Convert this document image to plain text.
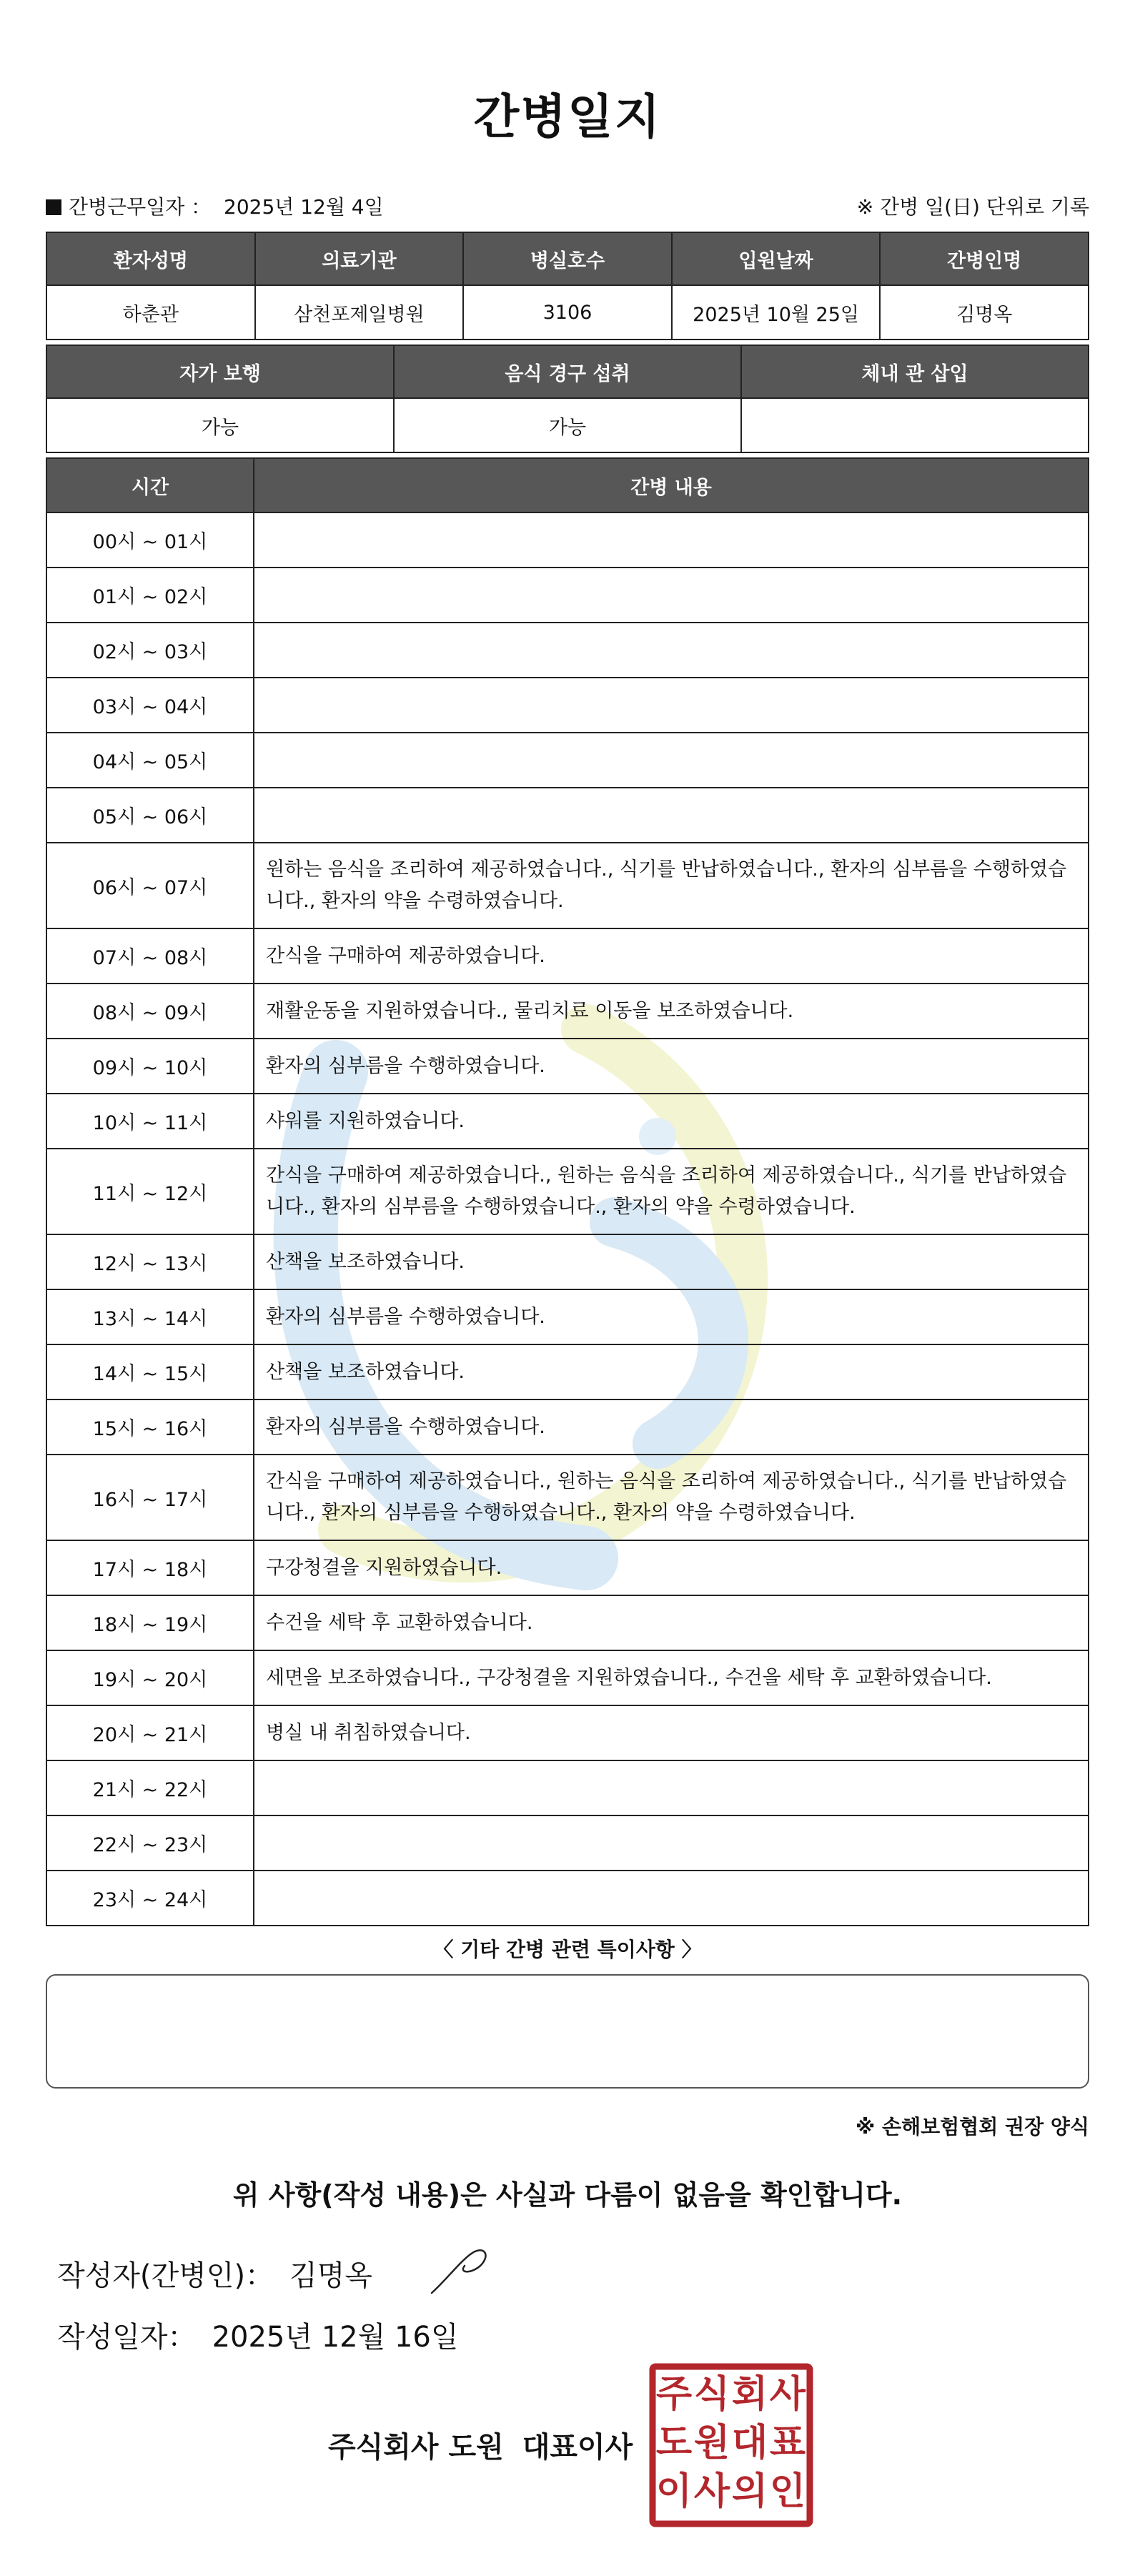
간병일지
간병근무일자 ： 2025년 12월 4일	※ 간병 일(日) 단위로 기록
환자성명	의료기관	병실호수	입원날짜	간병인명
하춘관	삼천포제일병원	3106	2025년 10월 25일	김명옥
자가 보행	음식 경구 섭취	체내 관 삽입
가능	가능	
시간	간병 내용
00시 ~ 01시	
01시 ~ 02시	
02시 ~ 03시	
03시 ~ 04시	
04시 ~ 05시	
05시 ~ 06시	
06시 ~ 07시	원하는 음식을 조리하여 제공하였습니다., 식기를 반납하였습니다., 환자의 심부름을 수행하였습니다., 환자의 약을 수령하였습니다.
07시 ~ 08시	간식을 구매하여 제공하였습니다.
08시 ~ 09시	재활운동을 지원하였습니다., 물리치료 이동을 보조하였습니다.
09시 ~ 10시	환자의 심부름을 수행하였습니다.
10시 ~ 11시	샤워를 지원하였습니다.
11시 ~ 12시	간식을 구매하여 제공하였습니다., 원하는 음식을 조리하여 제공하였습니다., 식기를 반납하였습니다., 환자의 심부름을 수행하였습니다., 환자의 약을 수령하였습니다.
12시 ~ 13시	산책을 보조하였습니다.
13시 ~ 14시	환자의 심부름을 수행하였습니다.
14시 ~ 15시	산책을 보조하였습니다.
15시 ~ 16시	환자의 심부름을 수행하였습니다.
16시 ~ 17시	간식을 구매하여 제공하였습니다., 원하는 음식을 조리하여 제공하였습니다., 식기를 반납하였습니다., 환자의 심부름을 수행하였습니다., 환자의 약을 수령하였습니다.
17시 ~ 18시	구강청결을 지원하였습니다.
18시 ~ 19시	수건을 세탁 후 교환하였습니다.
19시 ~ 20시	세면을 보조하였습니다., 구강청결을 지원하였습니다., 수건을 세탁 후 교환하였습니다.
20시 ~ 21시	병실 내 취침하였습니다.
21시 ~ 22시	
22시 ~ 23시	
23시 ~ 24시	
〈 기타 간병 관련 특이사항 〉
※ 손해보험협회 권장 양식
위 사항(작성 내용)은 사실과 다름이 없음을 확인합니다.
작성자(간병인)： 김명옥
작성일자： 2025년 12월 16일
주식회사 도원 대표이사
주 식 회 사
도 원 대 표
이 사 의 인
